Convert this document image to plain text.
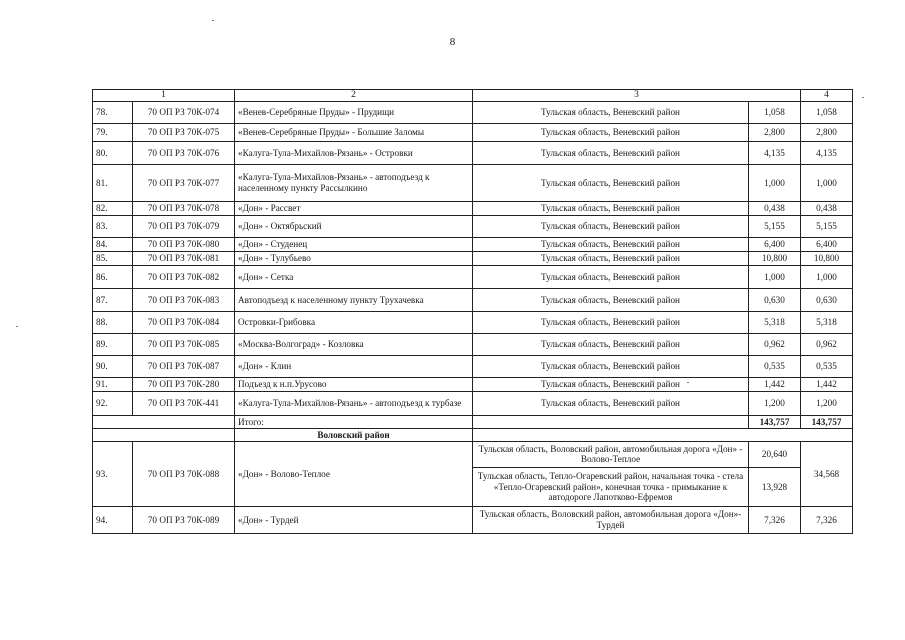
8
1		2	3		4
78.	70 ОП РЗ 70К-074	«Венев-Серебряные Пруды» - Прудищи	Тульская область, Веневский район	1,058	1,058
79.	70 ОП РЗ 70К-075	«Венев-Серебряные Пруды» - Большие Заломы	Тульская область, Веневский район	2,800	2,800
80.	70 ОП РЗ 70К-076	«Калуга-Тула-Михайлов-Рязань» - Островки	Тульская область, Веневский район	4,135	4,135
81.	70 ОП РЗ 70К-077	«Калуга-Тула-Михайлов-Рязань» - автоподъезд к населенному пункту Рассылкино	Тульская область, Веневский район	1,000	1,000
82.	70 ОП РЗ 70К-078	«Дон» - Рассвет	Тульская область, Веневский район	0,438	0,438
83.	70 ОП РЗ 70К-079	«Дон» - Октябрьский	Тульская область, Веневский район	5,155	5,155
84.	70 ОП РЗ 70К-080	«Дон» - Студенец	Тульская область, Веневский район	6,400	6,400
85.	70 ОП РЗ 70К-081	«Дон» - Тулубьево	Тульская область, Веневский район	10,800	10,800
86.	70 ОП РЗ 70К-082	«Дон» - Сетка	Тульская область, Веневский район	1,000	1,000
87.	70 ОП РЗ 70К-083	Автоподъезд к населенному пункту Трухачевка	Тульская область, Веневский район	0,630	0,630
88.	70 ОП РЗ 70К-084	Островки-Грибовка	Тульская область, Веневский район	5,318	5,318
89.	70 ОП РЗ 70К-085	«Москва-Волгоград» - Козловка	Тульская область, Веневский район	0,962	0,962
90.	70 ОП РЗ 70К-087	«Дон» - Клин	Тульская область, Веневский район	0,535	0,535
91.	70 ОП РЗ 70К-280	Подъезд к н.п.Урусово	Тульская область, Веневский район	1,442	1,442
92.	70 ОП РЗ 70К-441	«Калуга-Тула-Михайлов-Рязань» - автоподъезд к турбазе	Тульская область, Веневский район	1,200	1,200
		Итого:		143,757	143,757
		Воловский район			
93.	70 ОП РЗ 70К-088	«Дон» - Волово-Теплое	Тульская область, Воловский район, автомобильная дорога «Дон» - Волово-Теплое	20,640	34,568
			Тульская область, Тепло-Огаревский район, начальная точка - стела «Тепло-Огаревский район», конечная точка - примыкание к автодороге Лапотково-Ефремов	13,928	
94.	70 ОП РЗ 70К-089	«Дон» - Турдей	Тульская область, Воловский район, автомобильная дорога «Дон»-Турдей	7,326	7,326
